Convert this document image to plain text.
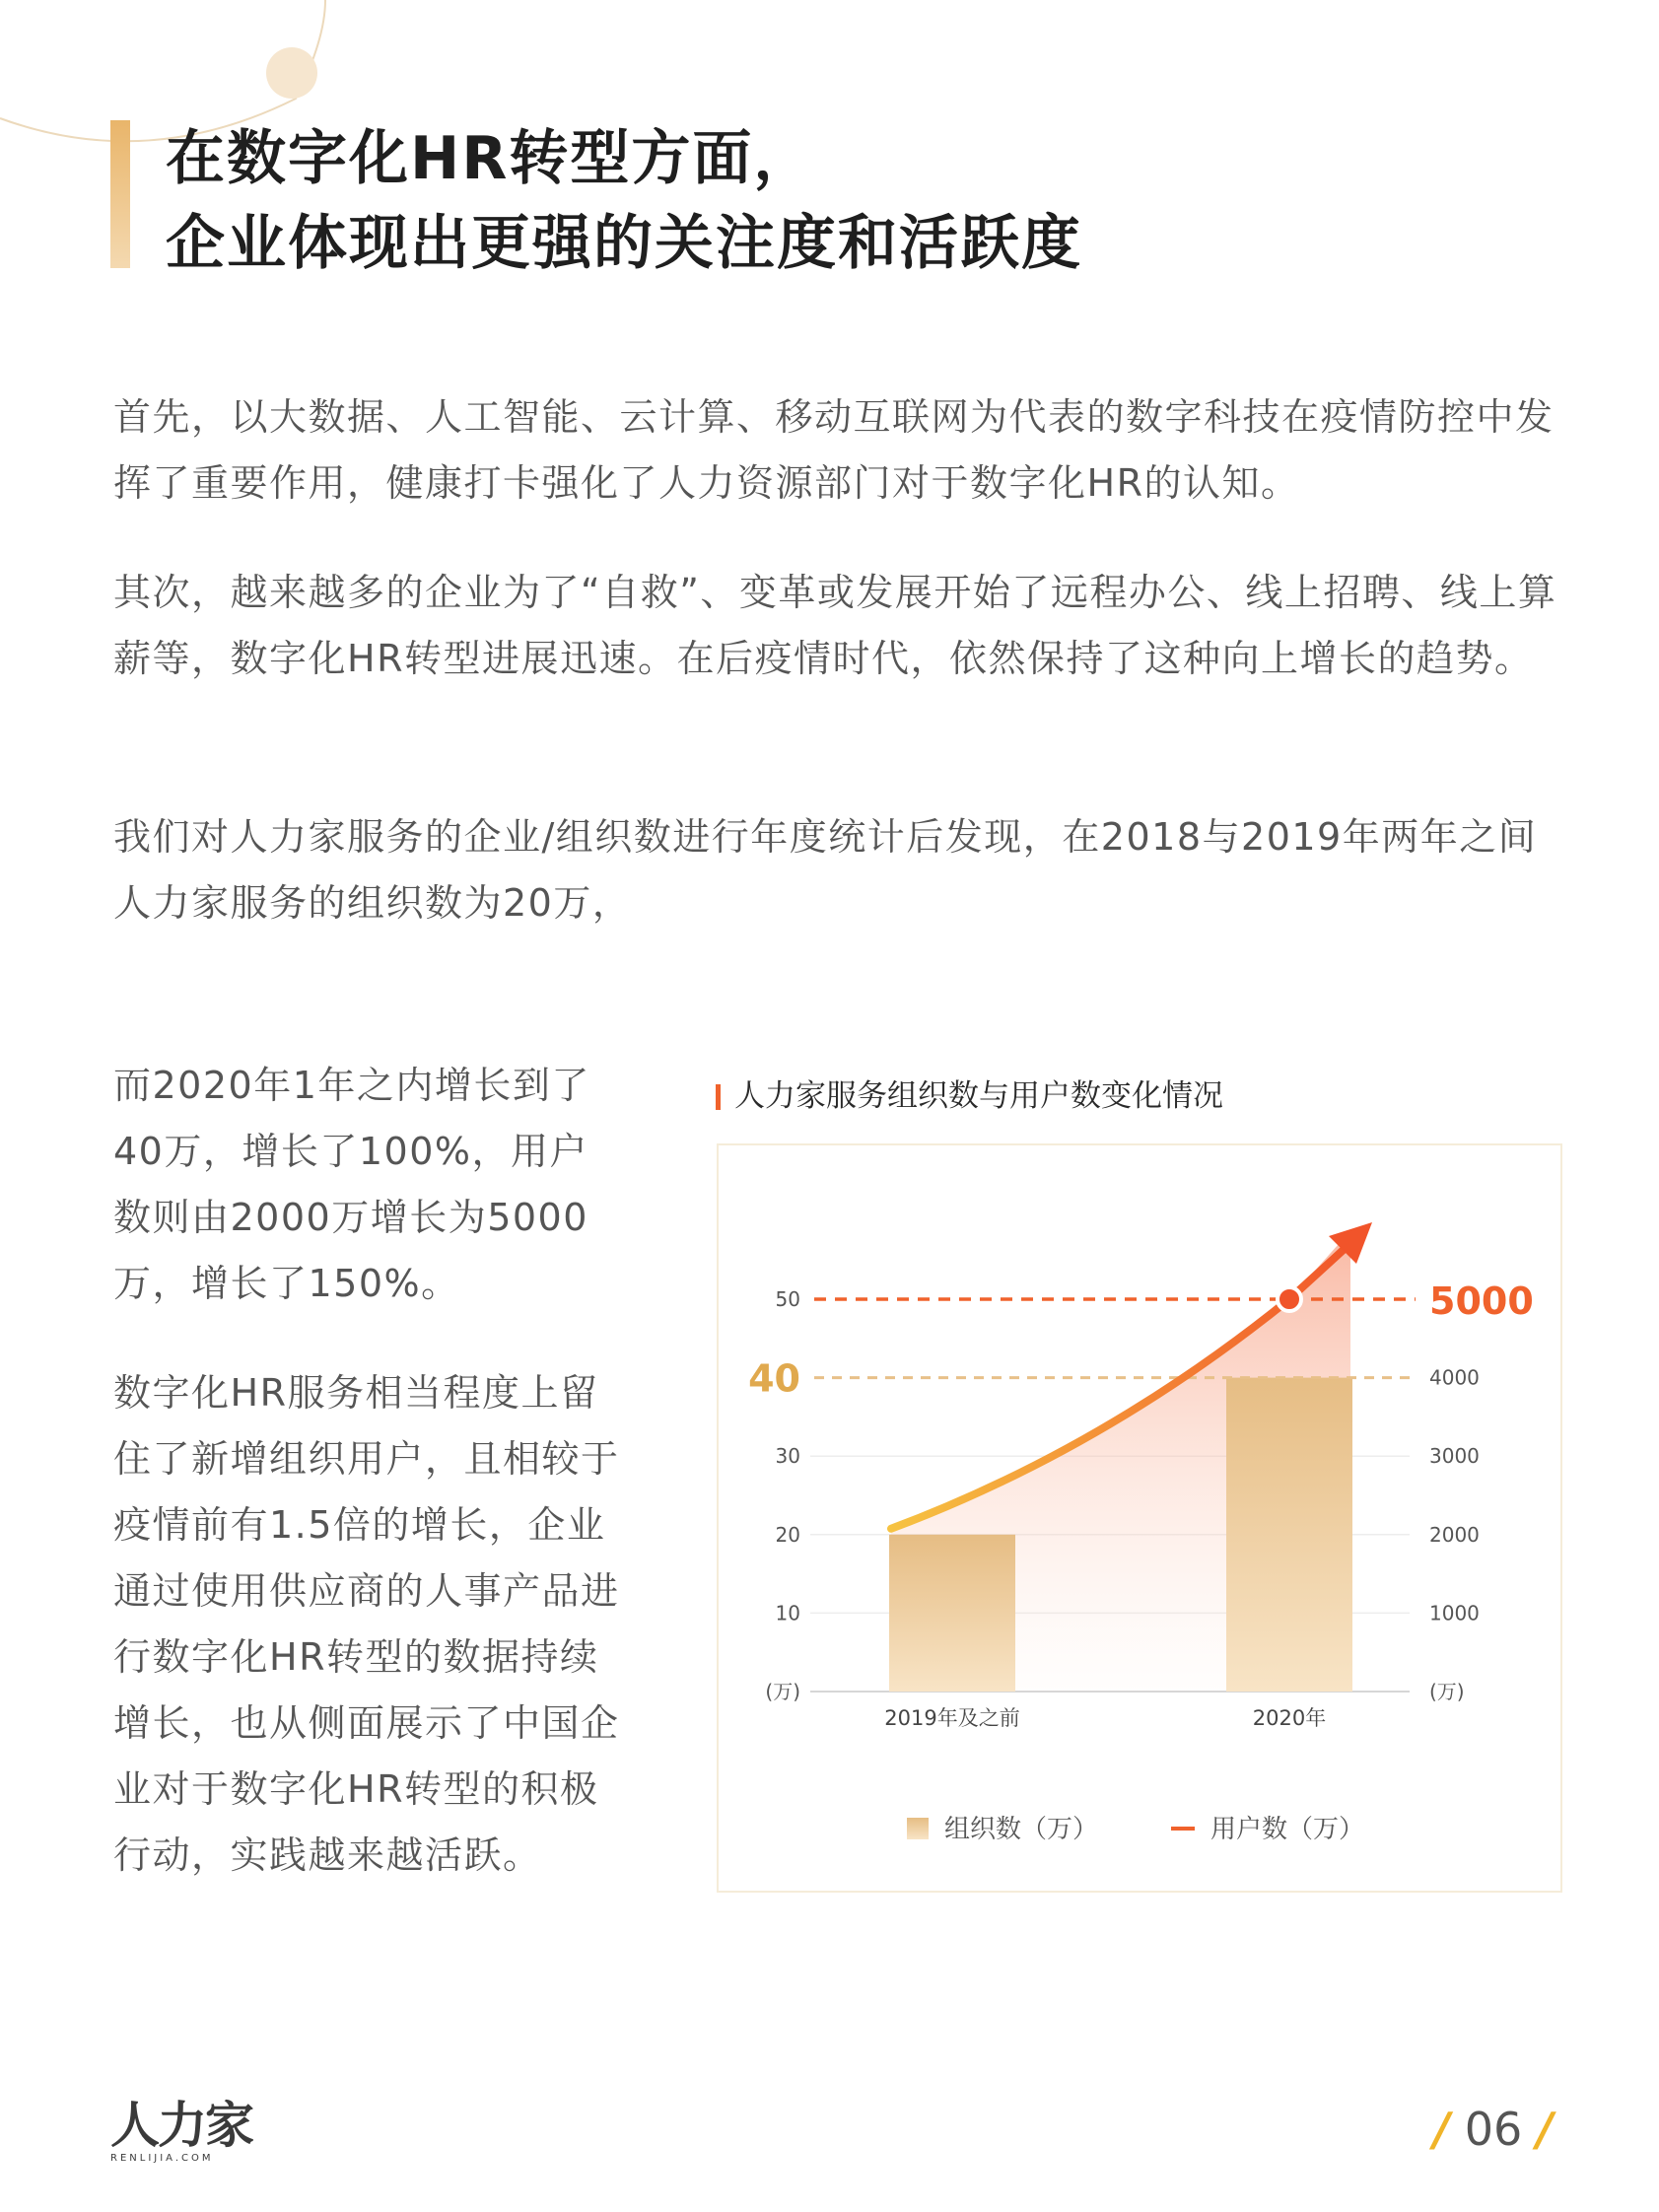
在数字化HR转型方面，
企业体现出更强的关注度和活跃度

首先，以大数据、人工智能、云计算、移动互联网为代表的数字科技在疫情防控中发挥了重要作用，健康打卡强化了人力资源部门对于数字化HR的认知。

其次，越来越多的企业为了“自救”、变革或发展开始了远程办公、线上招聘、线上算薪等，数字化HR转型进展迅速。在后疫情时代，依然保持了这种向上增长的趋势。

我们对人力家服务的企业/组织数进行年度统计后发现，在2018与2019年两年之间人力家服务的组织数为20万，

而2020年1年之内增长到了40万，增长了100%，用户数则由2000万增长为5000万，增长了150%。

数字化HR服务相当程度上留住了新增组织用户，且相较于疫情前有1.5倍的增长，企业通过使用供应商的人事产品进行数字化HR转型的数据持续增长，也从侧面展示了中国企业对于数字化HR转型的积极行动，实践越来越活跃。

人力家服务组织数与用户数变化情况
10
20
30
50
1000
2000
3000
4000
(万)	(万)
2019年及之前	2020年
40
5000
组织数（万）	用户数（万）
人力家
RENLIJIA.COM
/ 06 /
